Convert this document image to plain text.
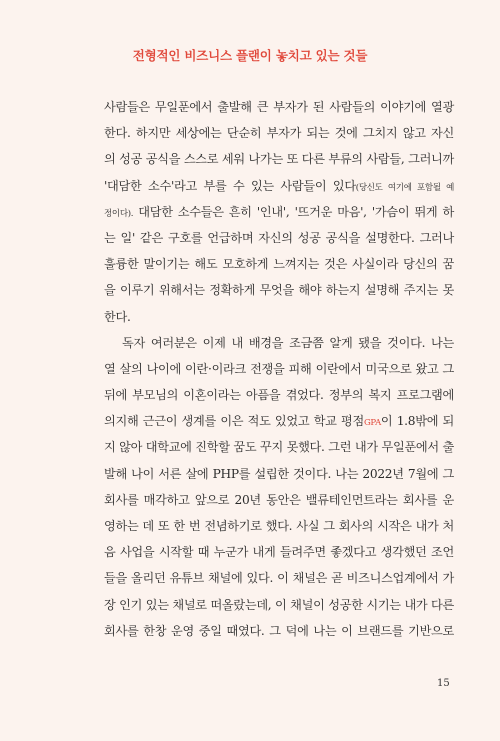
전형적인 비즈니스 플랜이 놓치고 있는 것들
사람들은 무일푼에서 출발해 큰 부자가 된 사람들의 이야기에 열광
한다. 하지만 세상에는 단순히 부자가 되는 것에 그치지 않고 자신
의 성공 공식을 스스로 세워 나가는 또 다른 부류의 사람들, 그러니까
'대담한 소수'라고 부를 수 있는 사람들이 있다(당신도 여기에 포함될 예
정이다). 대담한 소수들은 흔히 '인내', '뜨거운 마음', '가슴이 뛰게 하
는 일' 같은 구호를 언급하며 자신의 성공 공식을 설명한다. 그러나
훌륭한 말이기는 해도 모호하게 느껴지는 것은 사실이라 당신의 꿈
을 이루기 위해서는 정확하게 무엇을 해야 하는지 설명해 주지는 못
한다.
독자 여러분은 이제 내 배경을 조금쯤 알게 됐을 것이다. 나는
열 살의 나이에 이란·이라크 전쟁을 피해 이란에서 미국으로 왔고 그
뒤에 부모님의 이혼이라는 아픔을 겪었다. 정부의 복지 프로그램에
의지해 근근이 생계를 이은 적도 있었고 학교 평점GPA이 1.8밖에 되
지 않아 대학교에 진학할 꿈도 꾸지 못했다. 그런 내가 무일푼에서 출
발해 나이 서른 살에 PHP를 설립한 것이다. 나는 2022년 7월에 그
회사를 매각하고 앞으로 20년 동안은 밸류테인먼트라는 회사를 운
영하는 데 또 한 번 전념하기로 했다. 사실 그 회사의 시작은 내가 처
음 사업을 시작할 때 누군가 내게 들려주면 좋겠다고 생각했던 조언
들을 올리던 유튜브 채널에 있다. 이 채널은 곧 비즈니스업계에서 가
장 인기 있는 채널로 떠올랐는데, 이 채널이 성공한 시기는 내가 다른
회사를 한창 운영 중일 때였다. 그 덕에 나는 이 브랜드를 기반으로
15
